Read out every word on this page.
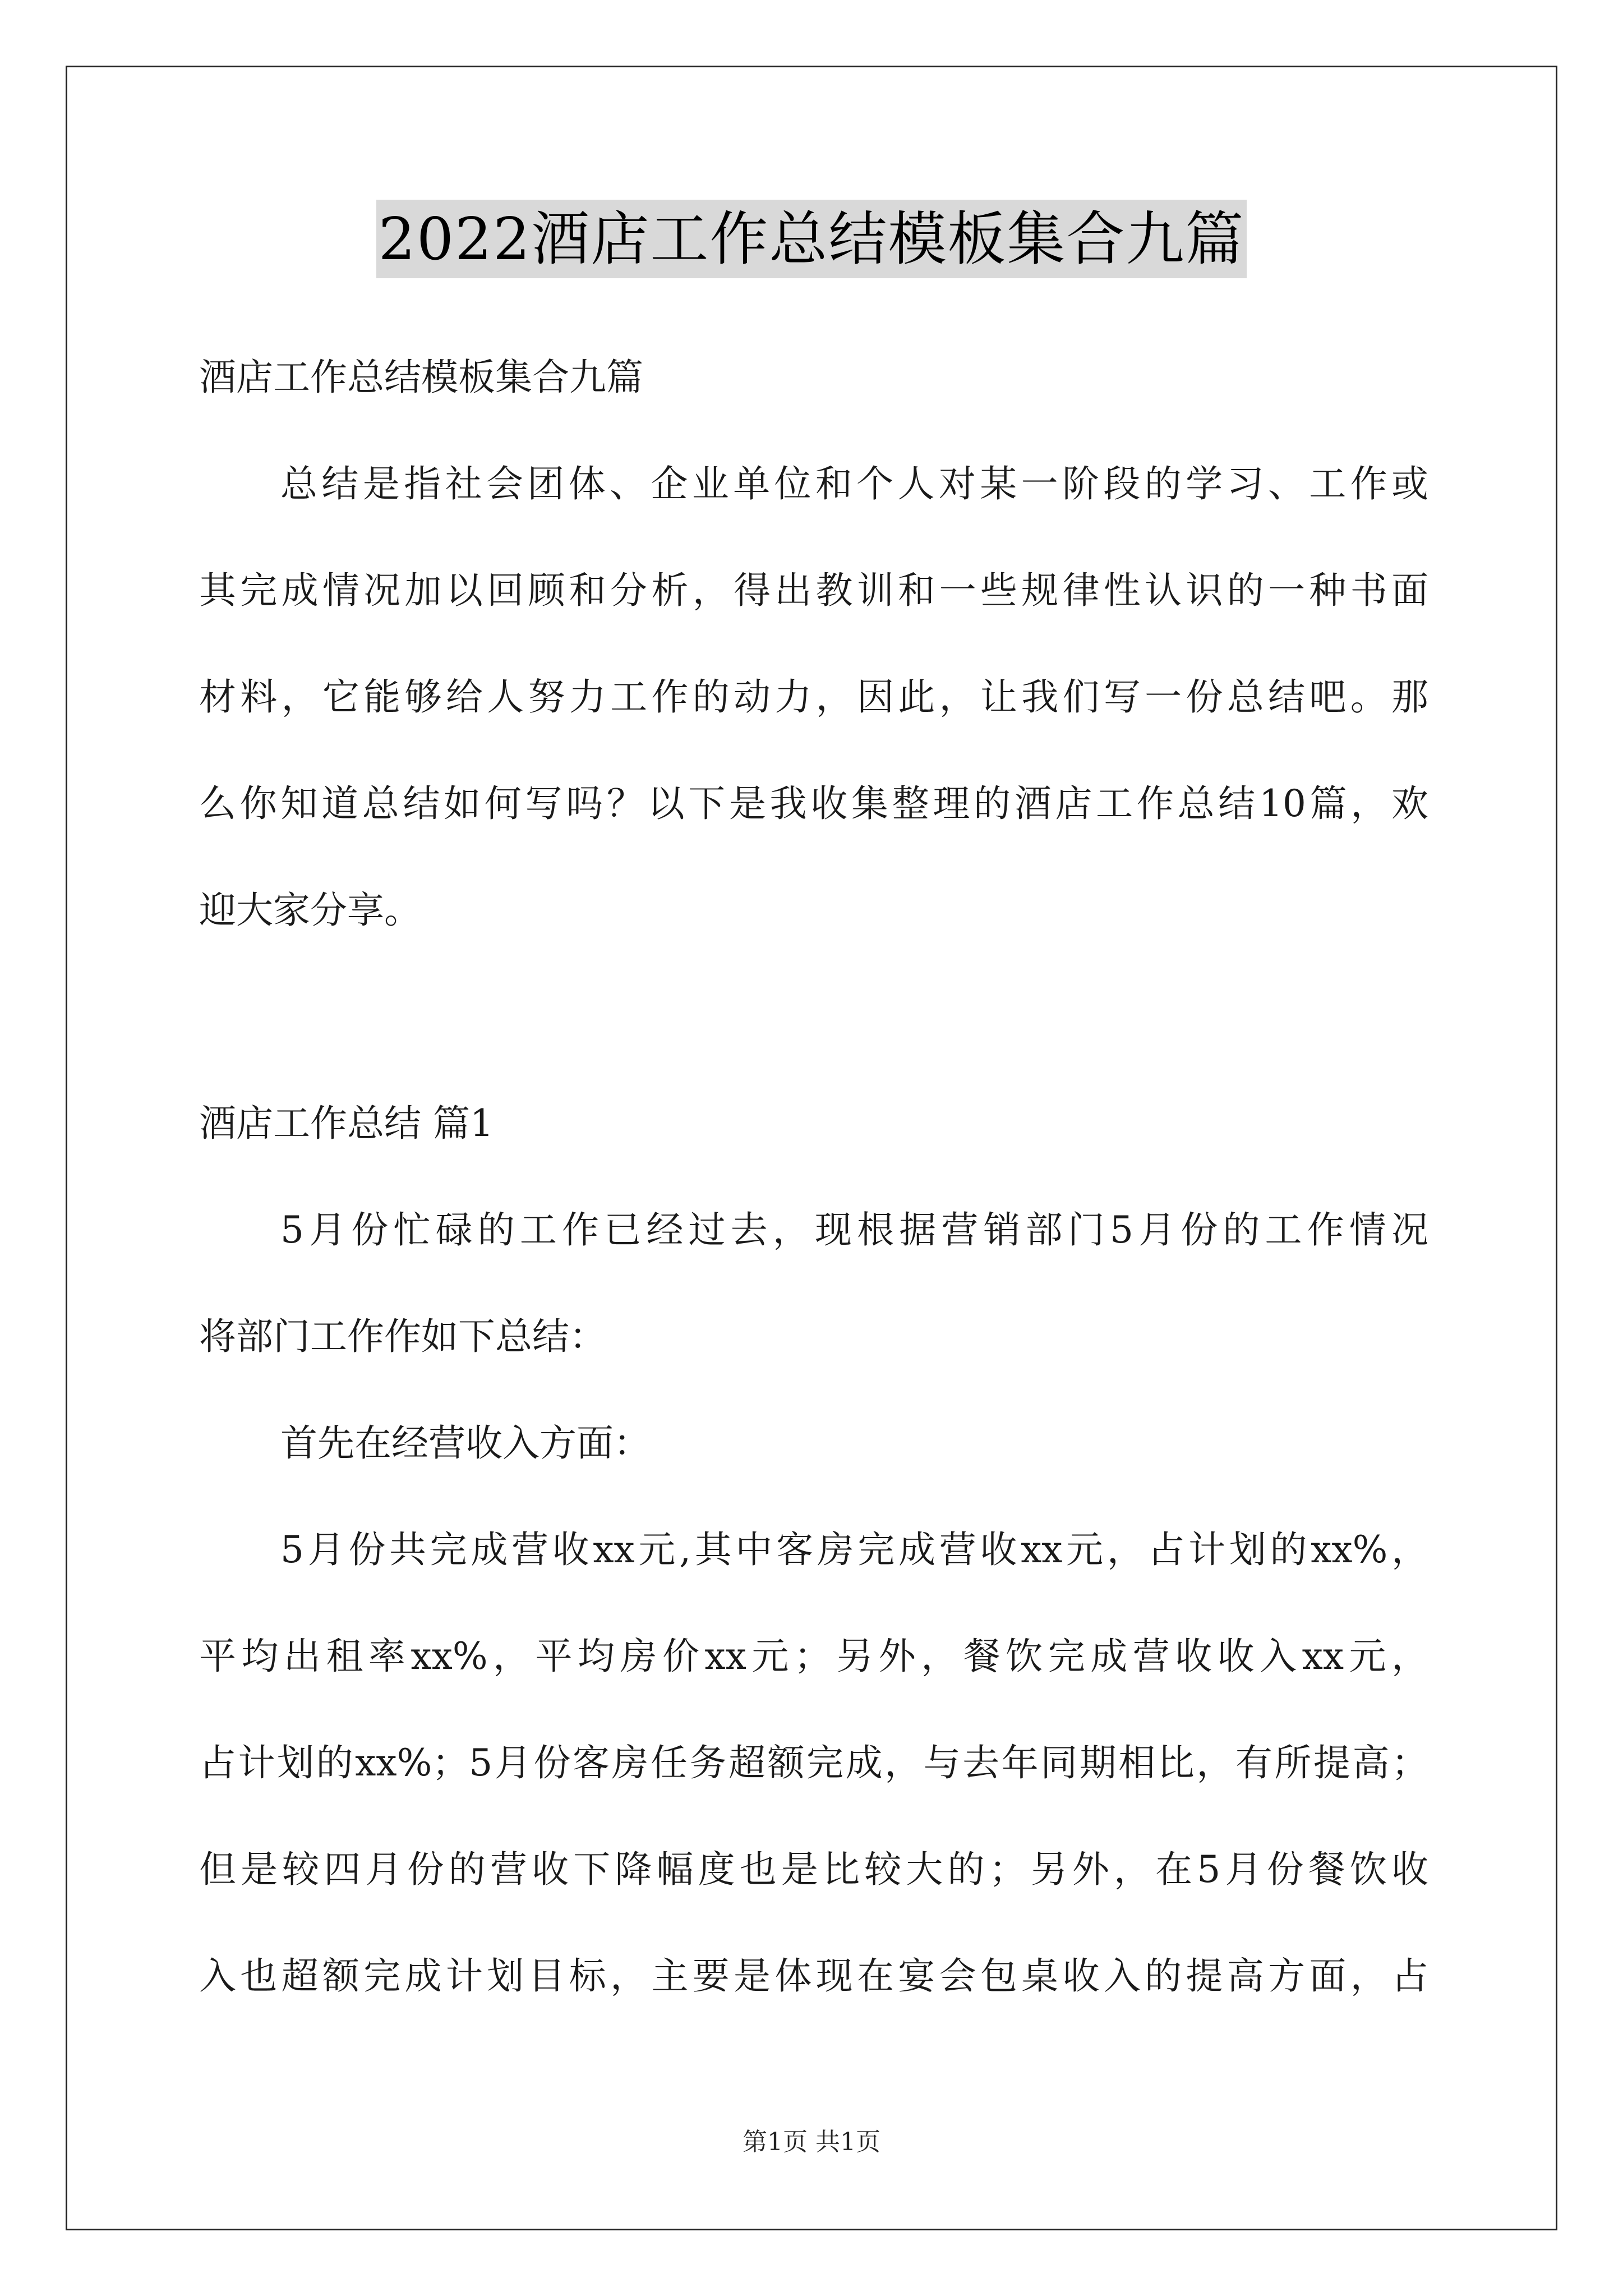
2022酒店工作总结模板集合九篇
酒店工作总结模板集合九篇
总结是指社会团体、企业单位和个人对某一阶段的学习、工作或
其完成情况加以回顾和分析，得出教训和一些规律性认识的一种书面
材料，它能够给人努力工作的动力，因此，让我们写一份总结吧。那
么你知道总结如何写吗？以下是我收集整理的酒店工作总结10篇，欢
迎大家分享。
酒店工作总结 篇1
5月份忙碌的工作已经过去，现根据营销部门5月份的工作情况
将部门工作作如下总结：
首先在经营收入方面：
5月份共完成营收xx元,其中客房完成营收xx元，占计划的xx%，
平均出租率xx%，平均房价xx元；另外，餐饮完成营收收入xx元，
占计划的xx%；5月份客房任务超额完成，与去年同期相比，有所提高；
但是较四月份的营收下降幅度也是比较大的；另外，在5月份餐饮收
入也超额完成计划目标，主要是体现在宴会包桌收入的提高方面，占
第1页 共1页
